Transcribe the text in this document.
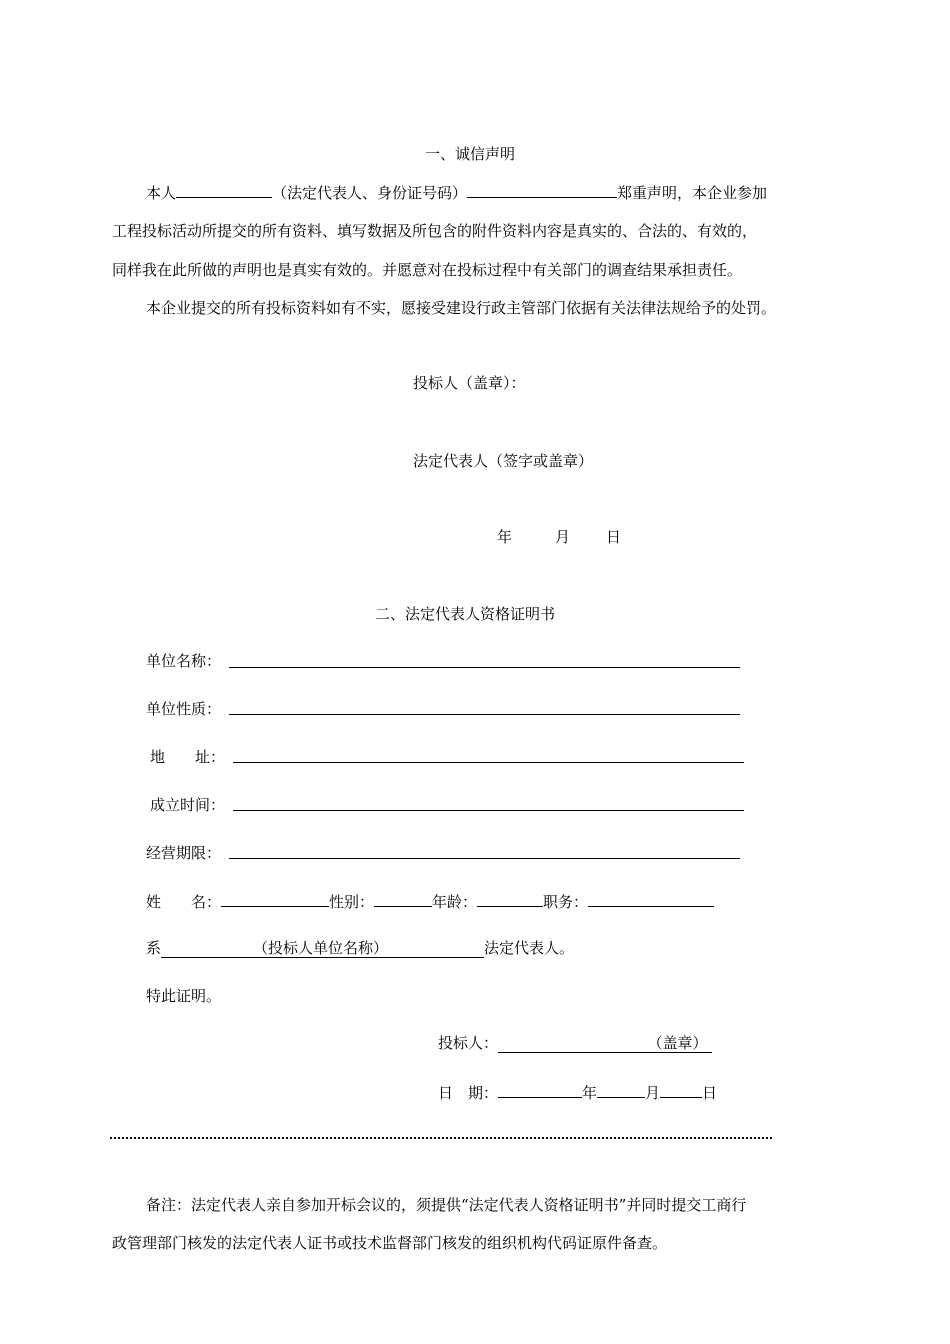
一、诚信声明
本人	（法定代表人、身份证号码）	郑重声明，本企业参加
工程投标活动所提交的所有资料、填写数据及所包含的附件资料内容是真实的、合法的、有效的，
同样我在此所做的声明也是真实有效的。并愿意对在投标过程中有关部门的调查结果承担责任。
本企业提交的所有投标资料如有不实，愿接受建设行政主管部门依据有关法律法规给予的处罚。
投标人（盖章）：
法定代表人（签字或盖章）
年	月 日
二、法定代表人资格证明书
单位名称：
单位性质：
地　　址：
成立时间：
经营期限：
姓　　名：	性别：	年龄：	职务：
系	（投标人单位名称）	法定代表人。
特此证明。
投标人：	（盖章）
日　期：	年	月	日
备注：法定代表人亲自参加开标会议的，须提供“法定代表人资格证明书”并同时提交工商行
政管理部门核发的法定代表人证书或技术监督部门核发的组织机构代码证原件备查。
